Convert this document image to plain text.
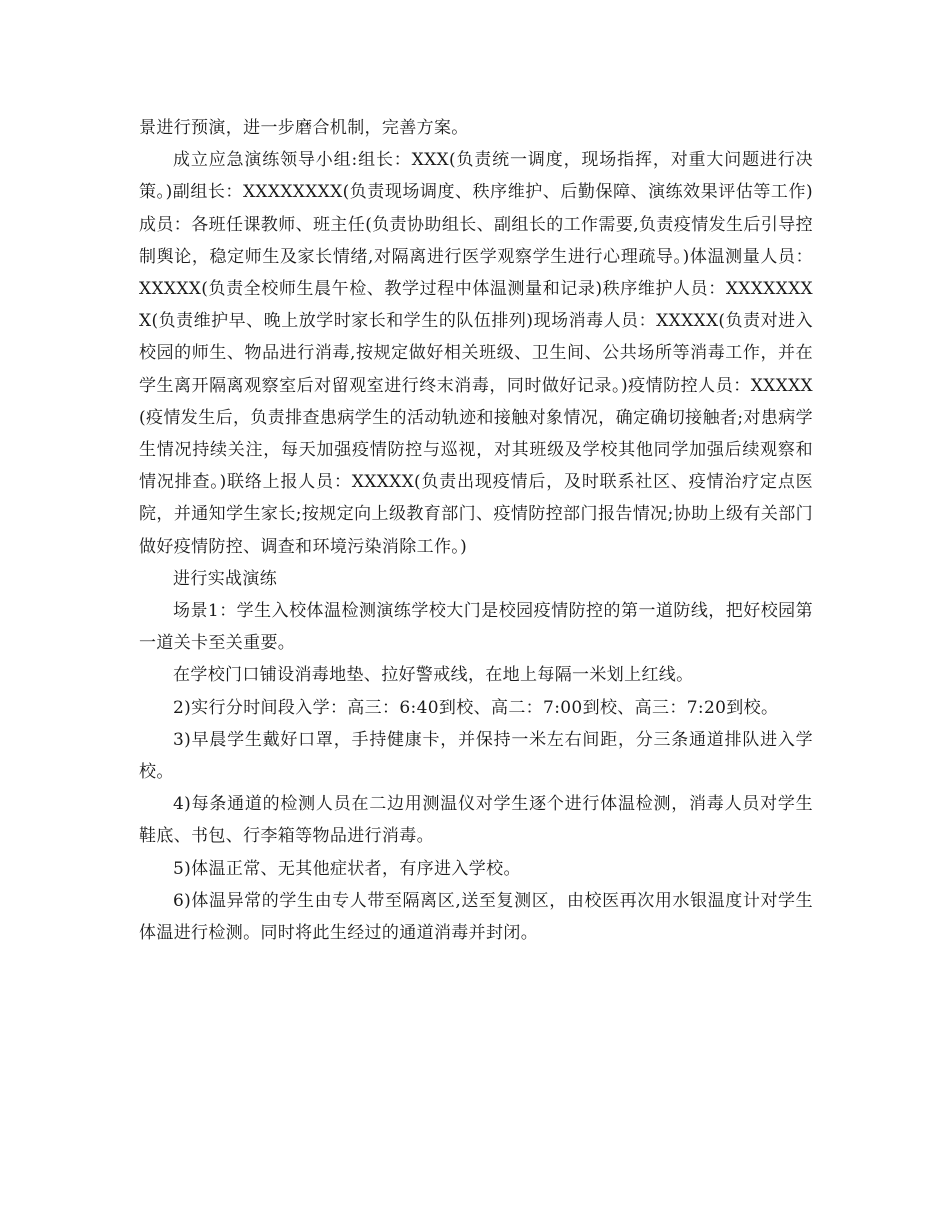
景进行预演，进一步磨合机制，完善方案。

成立应急演练领导小组:组长：XXX(负责统一调度，现场指挥，对重大问题进行决策。)副组长：XXXXXXXX(负责现场调度、秩序维护、后勤保障、演练效果评估等工作)成员：各班任课教师、班主任(负责协助组长、副组长的工作需要,负责疫情发生后引导控制舆论，稳定师生及家长情绪,对隔离进行医学观察学生进行心理疏导。)体温测量人员：XXXXX(负责全校师生晨午检、教学过程中体温测量和记录)秩序维护人员：XXXXXXXX(负责维护早、晚上放学时家长和学生的队伍排列)现场消毒人员：XXXXX(负责对进入校园的师生、物品进行消毒,按规定做好相关班级、卫生间、公共场所等消毒工作，并在学生离开隔离观察室后对留观室进行终末消毒，同时做好记录。)疫情防控人员：XXXXX(疫情发生后，负责排查患病学生的活动轨迹和接触对象情况，确定确切接触者;对患病学生情况持续关注，每天加强疫情防控与巡视，对其班级及学校其他同学加强后续观察和情况排查。)联络上报人员：XXXXX(负责出现疫情后，及时联系社区、疫情治疗定点医院，并通知学生家长;按规定向上级教育部门、疫情防控部门报告情况;协助上级有关部门做好疫情防控、调查和环境污染消除工作。)

进行实战演练

场景1：学生入校体温检测演练学校大门是校园疫情防控的第一道防线，把好校园第一道关卡至关重要。

在学校门口铺设消毒地垫、拉好警戒线，在地上每隔一米划上红线。

2)实行分时间段入学：高三：6:40到校、高二：7:00到校、高三：7:20到校。

3)早晨学生戴好口罩，手持健康卡，并保持一米左右间距，分三条通道排队进入学校。

4)每条通道的检测人员在二边用测温仪对学生逐个进行体温检测，消毒人员对学生鞋底、书包、行李箱等物品进行消毒。

5)体温正常、无其他症状者，有序进入学校。

6)体温异常的学生由专人带至隔离区,送至复测区，由校医再次用水银温度计对学生体温进行检测。同时将此生经过的通道消毒并封闭。
